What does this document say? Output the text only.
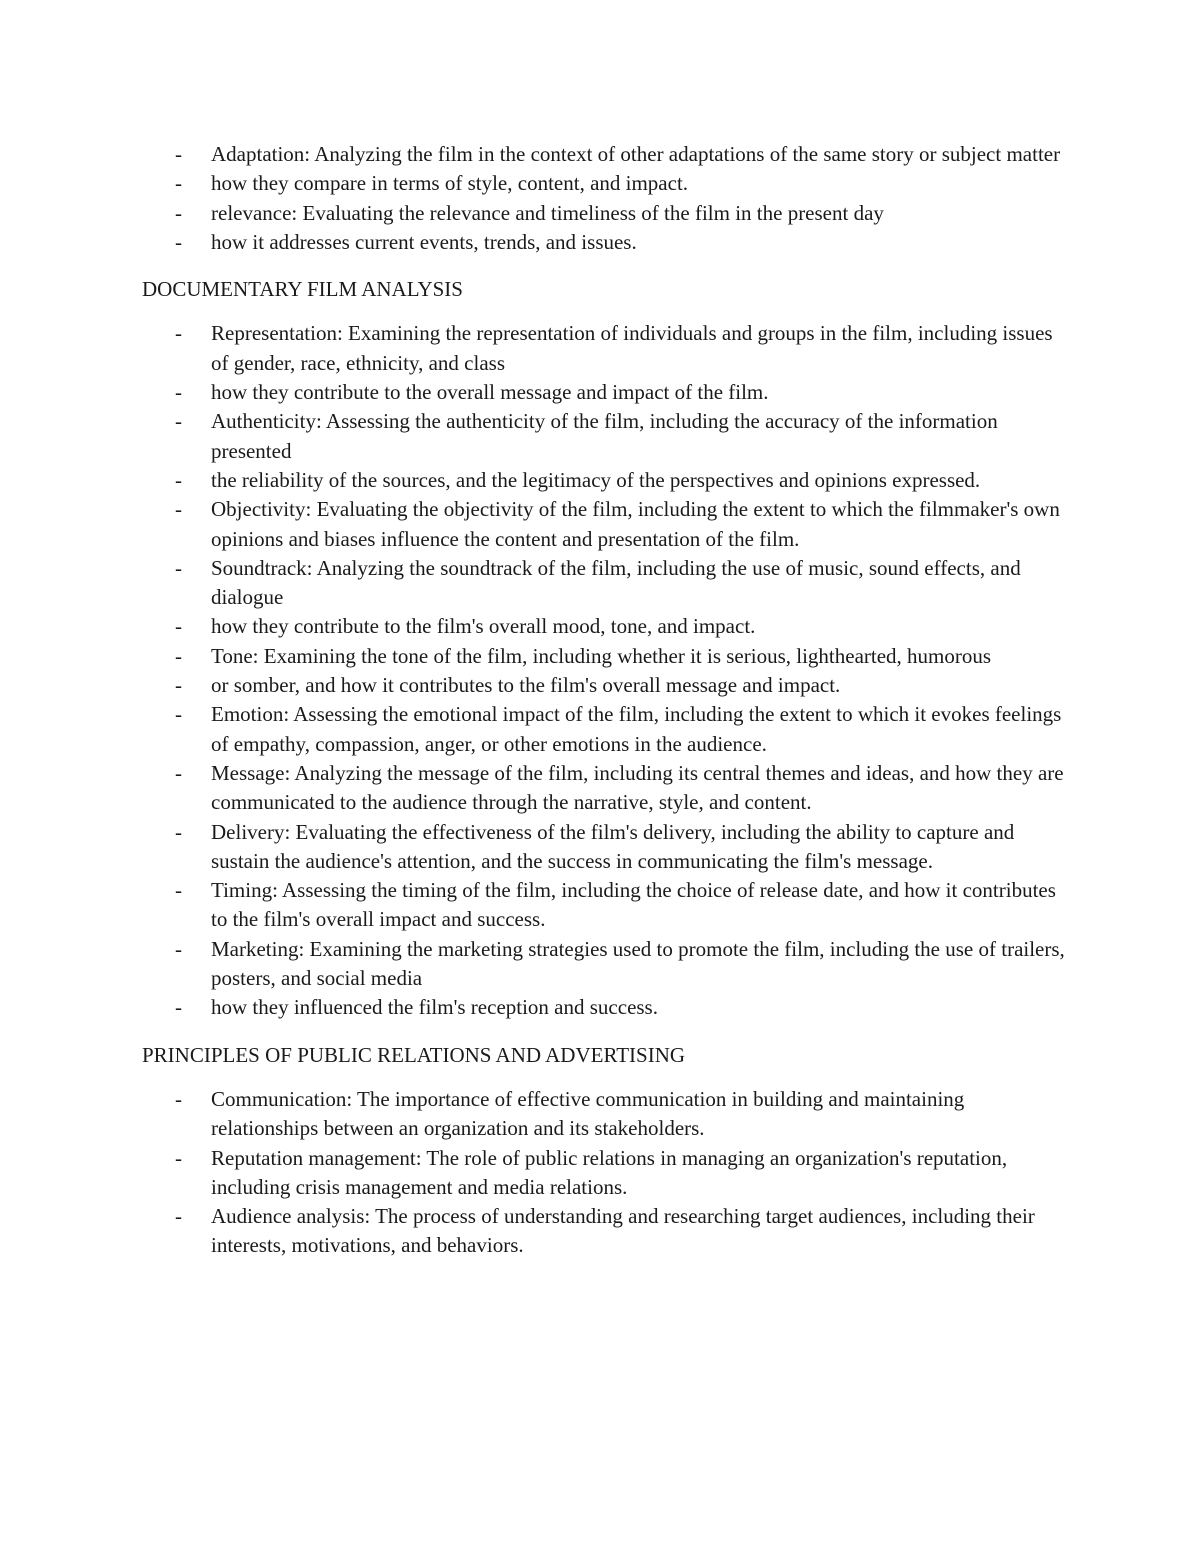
- Adaptation: Analyzing the film in the context of other adaptations of the same story or subject matter
- how they compare in terms of style, content, and impact.
- relevance: Evaluating the relevance and timeliness of the film in the present day
- how it addresses current events, trends, and issues.

DOCUMENTARY FILM ANALYSIS

- Representation: Examining the representation of individuals and groups in the film, including issues of gender, race, ethnicity, and class
- how they contribute to the overall message and impact of the film.
- Authenticity: Assessing the authenticity of the film, including the accuracy of the information presented
- the reliability of the sources, and the legitimacy of the perspectives and opinions expressed.
- Objectivity: Evaluating the objectivity of the film, including the extent to which the filmmaker's own opinions and biases influence the content and presentation of the film.
- Soundtrack: Analyzing the soundtrack of the film, including the use of music, sound effects, and dialogue
- how they contribute to the film's overall mood, tone, and impact.
- Tone: Examining the tone of the film, including whether it is serious, lighthearted, humorous
- or somber, and how it contributes to the film's overall message and impact.
- Emotion: Assessing the emotional impact of the film, including the extent to which it evokes feelings of empathy, compassion, anger, or other emotions in the audience.
- Message: Analyzing the message of the film, including its central themes and ideas, and how they are communicated to the audience through the narrative, style, and content.
- Delivery: Evaluating the effectiveness of the film's delivery, including the ability to capture and sustain the audience's attention, and the success in communicating the film's message.
- Timing: Assessing the timing of the film, including the choice of release date, and how it contributes to the film's overall impact and success.
- Marketing: Examining the marketing strategies used to promote the film, including the use of trailers, posters, and social media
- how they influenced the film's reception and success.

PRINCIPLES OF PUBLIC RELATIONS AND ADVERTISING

- Communication: The importance of effective communication in building and maintaining relationships between an organization and its stakeholders.
- Reputation management: The role of public relations in managing an organization's reputation, including crisis management and media relations.
- Audience analysis: The process of understanding and researching target audiences, including their interests, motivations, and behaviors.
